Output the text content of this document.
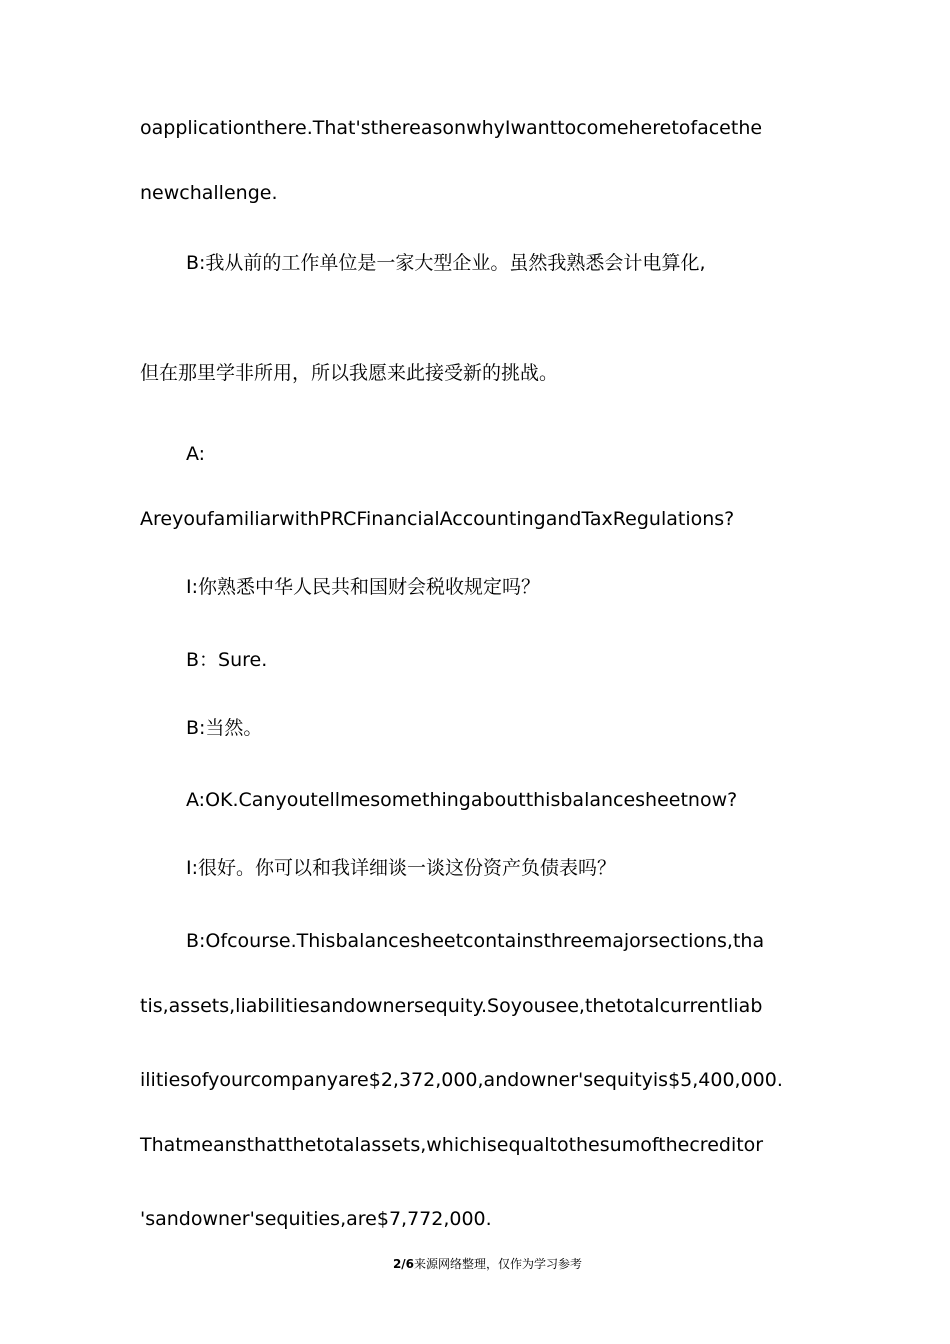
oapplicationthere.That'sthereasonwhyIwanttocomeheretofacethe
newchallenge.
B:我从前的工作单位是一家大型企业。虽然我熟悉会计电算化,
但在那里学非所用，所以我愿来此接受新的挑战。
A:
AreyoufamiliarwithPRCFinancialAccountingandTaxRegulations?
I:你熟悉中华人民共和国财会税收规定吗？
B：Sure.
B:当然。
A:OK.Canyoutellmesomethingaboutthisbalancesheetnow?
I:很好。你可以和我详细谈一谈这份资产负债表吗？
B:Ofcourse.Thisbalancesheetcontainsthreemajorsections,tha
tis,assets,liabilitiesandownersequity.Soyousee,thetotalcurrentliab
ilitiesofyourcompanyare$2,372,000,andowner'sequityis$5,400,000.
Thatmeansthatthetotalassets,whichisequaltothesumofthecreditor
'sandowner'sequities,are$7,772,000.
2/6来源网络整理，仅作为学习参考
